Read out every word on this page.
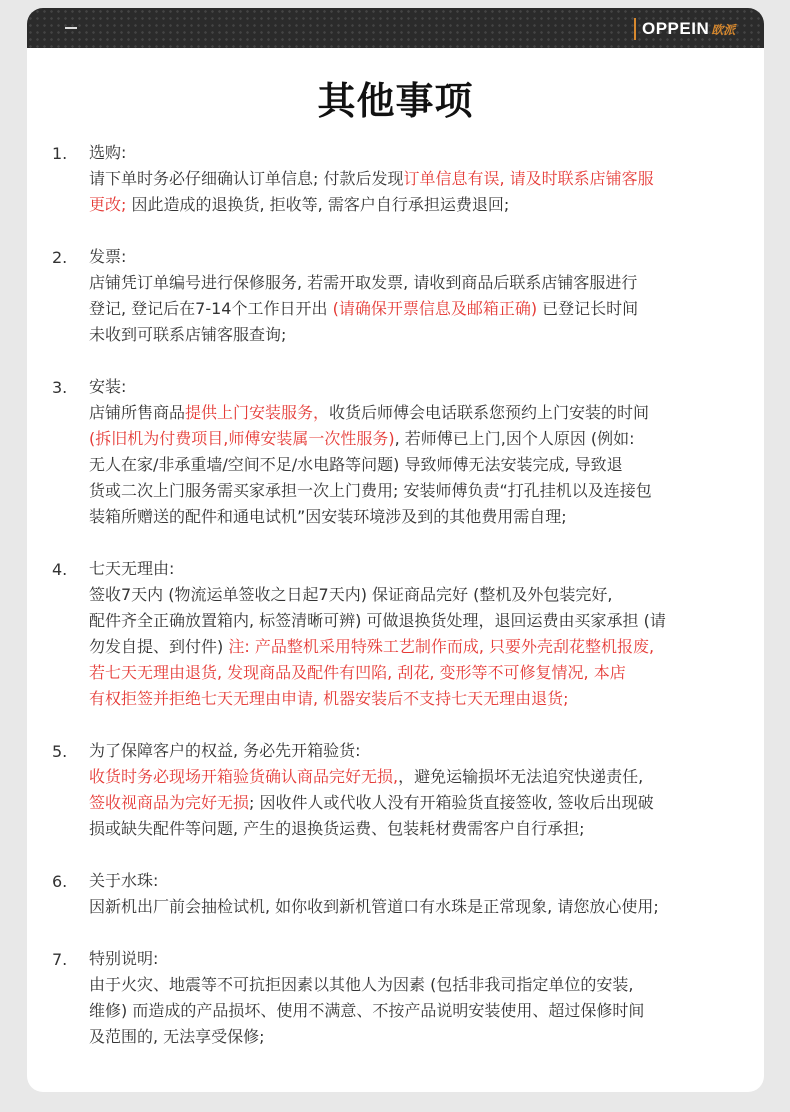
OPPEIN 欧派
其他事项
1. 选购:
请下单时务必仔细确认订单信息; 付款后发现订单信息有误, 请及时联系店铺客服
更改; 因此造成的退换货, 拒收等, 需客户自行承担运费退回;
2. 发票:
店铺凭订单编号进行保修服务, 若需开取发票, 请收到商品后联系店铺客服进行
登记, 登记后在7-14个工作日开出 (请确保开票信息及邮箱正确) 已登记长时间
未收到可联系店铺客服查询;
3. 安装:
店铺所售商品提供上门安装服务，收货后师傅会电话联系您预约上门安装的时间
(拆旧机为付费项目,师傅安装属一次性服务), 若师傅已上门,因个人原因 (例如:
无人在家/非承重墙/空间不足/水电路等问题) 导致师傅无法安装完成, 导致退
货或二次上门服务需买家承担一次上门费用; 安装师傅负责“打孔挂机以及连接包
装箱所赠送的配件和通电试机”因安装环境涉及到的其他费用需自理;
4. 七天无理由:
签收7天内 (物流运单签收之日起7天内) 保证商品完好 (整机及外包装完好,
配件齐全正确放置箱内, 标签清晰可辨) 可做退换货处理，退回运费由买家承担 (请
勿发自提、到付件) 注: 产品整机采用特殊工艺制作而成, 只要外壳刮花整机报废,
若七天无理由退货, 发现商品及配件有凹陷, 刮花, 变形等不可修复情况, 本店
有权拒签并拒绝七天无理由申请, 机器安装后不支持七天无理由退货;
5. 为了保障客户的权益, 务必先开箱验货:
收货时务必现场开箱验货确认商品完好无损,，避免运输损坏无法追究快递责任,
签收视商品为完好无损; 因收件人或代收人没有开箱验货直接签收, 签收后出现破
损或缺失配件等问题, 产生的退换货运费、包装耗材费需客户自行承担;
6. 关于水珠:
因新机出厂前会抽检试机, 如你收到新机管道口有水珠是正常现象, 请您放心使用;
7. 特别说明:
由于火灾、地震等不可抗拒因素以其他人为因素 (包括非我司指定单位的安装,
维修) 而造成的产品损坏、使用不满意、不按产品说明安装使用、超过保修时间
及范围的, 无法享受保修;
